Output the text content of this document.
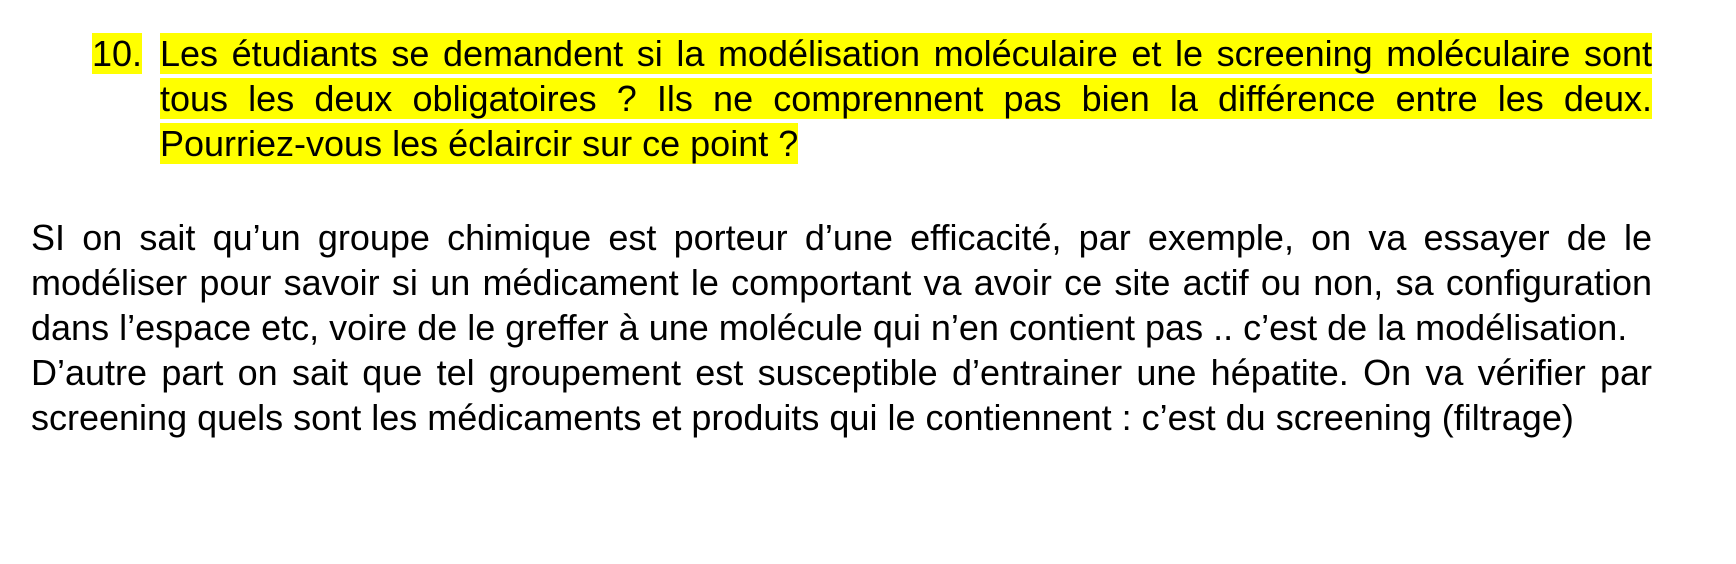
10. Les étudiants se demandent si la modélisation moléculaire et le screening moléculaire sont tous les deux obligatoires ? Ils ne comprennent pas bien la différence entre les deux. Pourriez-vous les éclaircir sur ce point ?

SI on sait qu’un groupe chimique est porteur d’une efficacité, par exemple, on va essayer de le modéliser pour savoir si un médicament le comportant va avoir ce site actif ou non, sa configuration dans l’espace etc, voire de le greffer à une molécule qui n’en contient pas .. c’est de la modélisation.

D’autre part on sait que tel groupement est susceptible d’entrainer une hépatite. On va vérifier par screening quels sont les médicaments et produits qui le contiennent : c’est du screening (filtrage)
